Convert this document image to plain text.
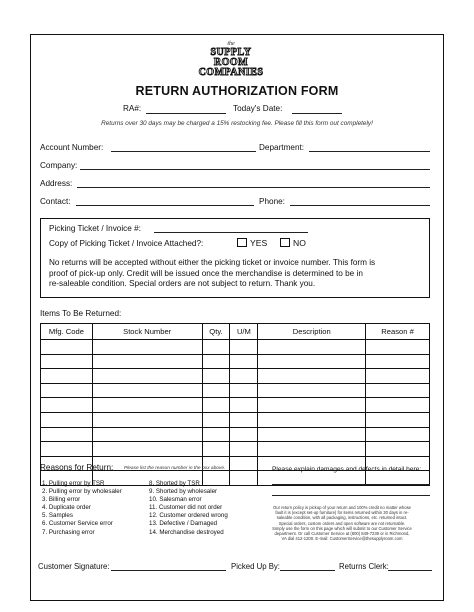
the
SUPPLY
ROOM
COMPANIES
RETURN AUTHORIZATION FORM
RA#:	Today's Date:
Returns over 30 days may be charged a 15% restocking fee. Please fill this form out completely!
Account Number:	Department:
Company:
Address:
Contact:	Phone:
Picking Ticket / Invoice #:
Copy of Picking Ticket / Invoice Attached?:	YES	NO
No returns will be accepted without either the picking ticket or invoice number. This form is
proof of pick-up only. Credit will be issued once the merchandise is determined to be in
re-saleable condition. Special orders are not subject to return. Thank you.
Items To Be Returned:
Mfg. Code	Stock Number	Qty.	U/M	Description	Reason #

Reasons for Return: Please list the reason number in the box above.
1. Pulling error by TSR
2. Pulling error by wholesaler
3. Billing error
4. Duplicate order
5. Samples
6. Customer Service error
7. Purchasing error
8. Shorted by TSR
9. Shorted by wholesaler
10. Salesman error
11. Customer did not order
12. Customer ordered wrong
13. Defective / Damaged
14. Merchandise destroyed
Please explain damages and defects in detail here:
Our return policy is pickup of your return and 100% credit no matter whose
fault it is (except set-up furniture) for items returned within 30 days in re-
saleable condition, with all packaging, instructions, etc. returned intact.
Special orders, custom orders and open software are not returnable.
Simply use the form on this page which will submit to our Customer Service
department. Or call Customer Service at (800) 849-7239 or in Richmond,
VA dial 412-1200. E-mail: CustomerService@thesupplyroom.com
Customer Signature:	Picked Up By:	Returns Clerk:
